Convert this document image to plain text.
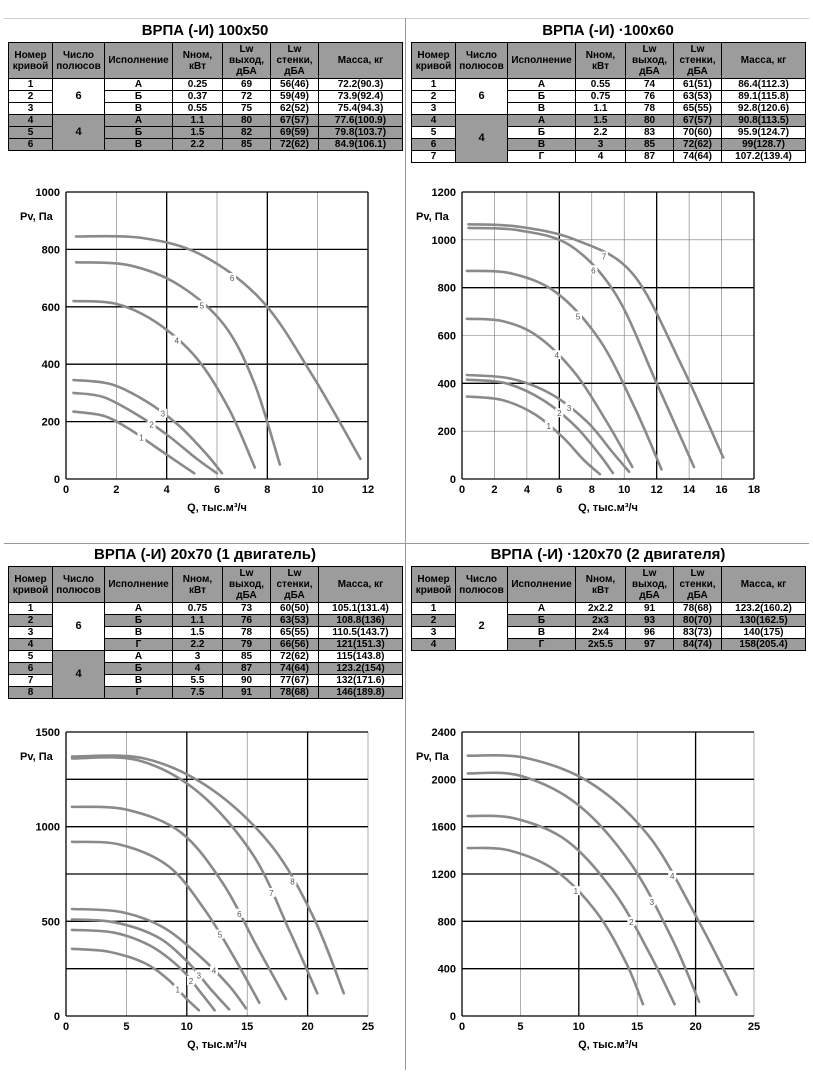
ВРПА (-И) 100х50
Номер кривой	Число полюсов	Исполнение	Nном, кВт	Lw выход, дБА	Lw стенки, дБА	Масса, кг
1	6	А	0.25	69	56(46)	72.2(90.3)
2		Б	0.37	72	59(49)	73.9(92.4)
3		В	0.55	75	62(52)	75.4(94.3)
4	4	А	1.1	80	67(57)	77.6(100.9)
5		Б	1.5	82	69(59)	79.8(103.7)
6		В	2.2	85	72(62)	84.9(106.1)
0	2	4	6	8	10	12
0
200
400
600
800
1000
Pv, Па
Q, тыс.м³/ч
1
2
3
4
5
6
ВРПА (-И) ·100х60
Номер кривой	Число полюсов	Исполнение	Nном, кВт	Lw выход, дБА	Lw стенки, дБА	Масса, кг
1	6	А	0.55	74	61(51)	86.4(112.3)
2		Б	0.75	76	63(53)	89.1(115.8)
3		В	1.1	78	65(55)	92.8(120.6)
4	4	А	1.5	80	67(57)	90.8(113.5)
5		Б	2.2	83	70(60)	95.9(124.7)
6		В	3	85	72(62)	99(128.7)
7		Г	4	87	74(64)	107.2(139.4)
0 2 4 6 8 10 12 14 16 18
0
200
400
600
800
1000
1200
Pv, Па
Q, тыс.м³/ч
1
2
3
4
5
6
7
ВРПА (-И) 20х70 (1 двигатель)
Номер кривой	Число полюсов	Исполнение	Nном, кВт	Lw выход, дБА	Lw стенки, дБА	Масса, кг
1	6	А	0.75	73	60(50)	105.1(131.4)
2		Б	1.1	76	63(53)	108.8(136)
3		В	1.5	78	65(55)	110.5(143.7)
4		Г	2.2	79	66(56)	121(151.3)
5	4	А	3	85	72(62)	115(143.8)
6		Б	4	87	74(64)	123.2(154)
7		В	5.5	90	77(67)	132(171.6)
8		Г	7.5	91	78(68)	146(189.8)
0	5	10	15	20	25
0
500
1000
1500
Pv, Па
Q, тыс.м³/ч
1
2
3
4
5
6
7
8
ВРПА (-И) ·120х70 (2 двигателя)
Номер кривой	Число полюсов	Исполнение	Nном, кВт	Lw выход, дБА	Lw стенки, дБА	Масса, кг
1	2	А	2х2.2	91	78(68)	123.2(160.2)
2		Б	2х3	93	80(70)	130(162.5)
3		В	2х4	96	83(73)	140(175)
4		Г	2х5.5	97	84(74)	158(205.4)
0	5	10	15	20	25
0
400
800
1200
1600
2000
2400
Pv, Па
Q, тыс.м³/ч
1
2
3
4
